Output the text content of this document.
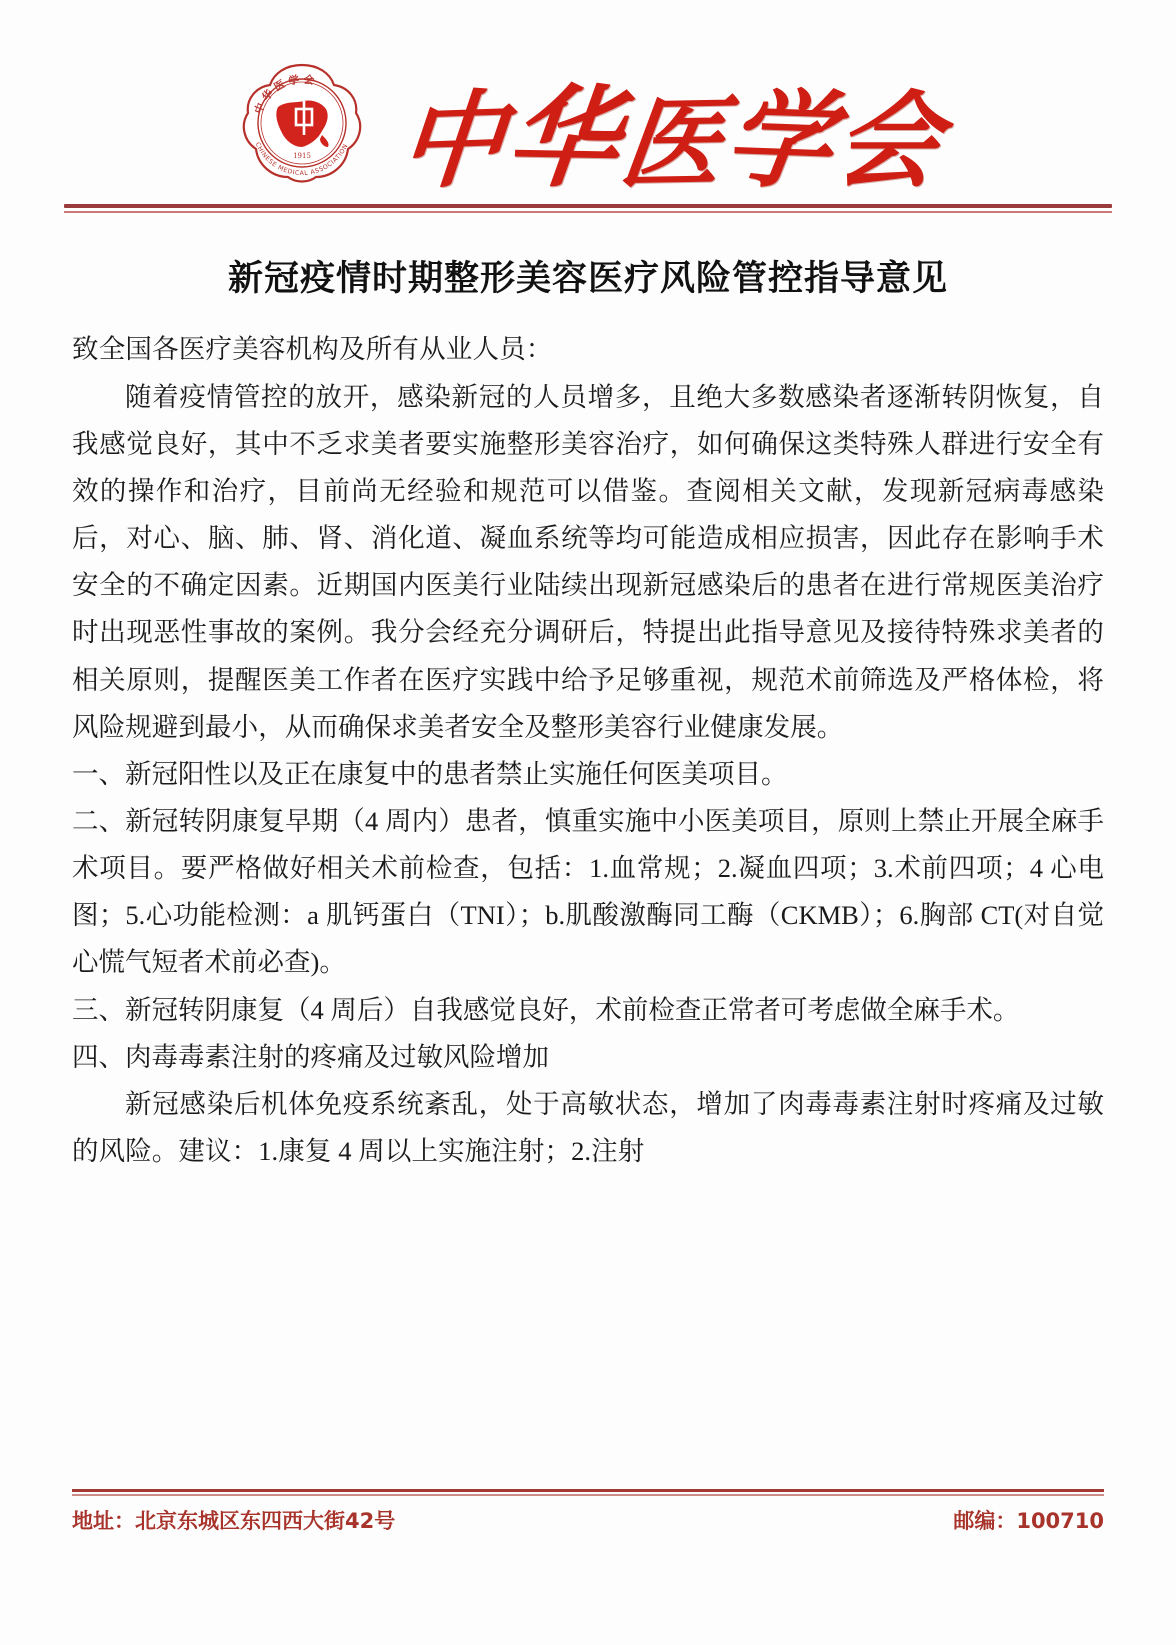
中 华 医 学 会
CHINESE MEDICAL ASSOCIATION
1915 中
华
医
学
会
新冠疫情时期整形美容医疗风险管控指导意见

致全国各医疗美容机构及所有从业人员：

随着疫情管控的放开，感染新冠的人员增多，且绝大多数感染者逐渐转阴恢复，自我感觉良好，其中不乏求美者要实施整形美容治疗，如何确保这类特殊人群进行安全有效的操作和治疗，目前尚无经验和规范可以借鉴。查阅相关文献，发现新冠病毒感染后，对心、脑、肺、肾、消化道、凝血系统等均可能造成相应损害，因此存在影响手术安全的不确定因素。近期国内医美行业陆续出现新冠感染后的患者在进行常规医美治疗时出现恶性事故的案例。我分会经充分调研后，特提出此指导意见及接待特殊求美者的相关原则，提醒医美工作者在医疗实践中给予足够重视，规范术前筛选及严格体检，将风险规避到最小，从而确保求美者安全及整形美容行业健康发展。

一、新冠阳性以及正在康复中的患者禁止实施任何医美项目。

二、新冠转阴康复早期（4 周内）患者，慎重实施中小医美项目，原则上禁止开展全麻手术项目。要严格做好相关术前检查，包括：1.血常规；2.凝血四项；3.术前四项；4 心电图；5.心功能检测：a 肌钙蛋白（TNI）；b.肌酸激酶同工酶（CKMB）；6.胸部 CT(对自觉心慌气短者术前必查)。

三、新冠转阴康复（4 周后）自我感觉良好，术前检查正常者可考虑做全麻手术。

四、肉毒毒素注射的疼痛及过敏风险增加

新冠感染后机体免疫系统紊乱，处于高敏状态，增加了肉毒毒素注射时疼痛及过敏的风险。建议：1.康复 4 周以上实施注射；2.注射

地址：北京东城区东四西大街42号	邮编：100710
